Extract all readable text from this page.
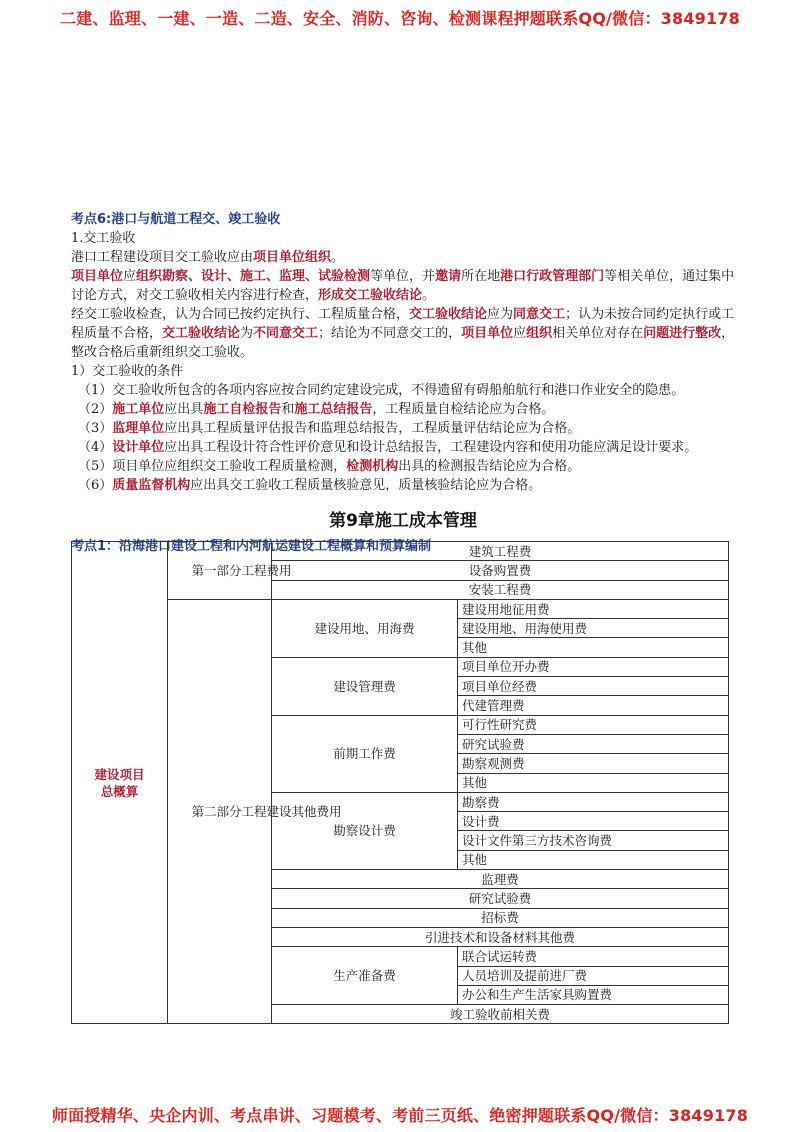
二建、监理、一建、一造、二造、安全、消防、咨询、检测课程押题联系QQ/微信：3849178

考点6:港口与航道工程交、竣工验收

1.交工验收

港口工程建设项目交工验收应由项目单位组织。

项目单位应组织勘察、设计、施工、监理、试验检测等单位，并邀请所在地港口行政管理部门等相关单位，通过集中讨论方式，对交工验收相关内容进行检查，形成交工验收结论。

经交工验收检查，认为合同已按约定执行、工程质量合格，交工验收结论应为同意交工；认为未按合同约定执行或工程质量不合格，交工验收结论为不同意交工；结论为不同意交工的，项目单位应组织相关单位对存在问题进行整改，整改合格后重新组织交工验收。

1）交工验收的条件

（1）交工验收所包含的各项内容应按合同约定建设完成，不得遗留有碍船舶航行和港口作业安全的隐患。

（2）施工单位应出具施工自检报告和施工总结报告，工程质量自检结论应为合格。

（3）监理单位应出具工程质量评估报告和监理总结报告，工程质量评估结论应为合格。

（4）设计单位应出具工程设计符合性评价意见和设计总结报告，工程建设内容和使用功能应满足设计要求。

（5）项目单位应组织交工验收工程质量检测，检测机构出具的检测报告结论应为合格。

（6）质量监督机构应出具交工验收工程质量核验意见，质量核验结论应为合格。

第9章施工成本管理

考点1：沿海港口建设工程和内河航运建设工程概算和预算编制

建设项目总概算	第一部分工程费用	建筑工程费	
		设备购置费	
		安装工程费	
	第二部分工程建设其他费用	建设用地、用海费	建设用地征用费
			建设用地、用海使用费
			其他
		建设管理费	项目单位开办费
			项目单位经费
			代建管理费
		前期工作费	可行性研究费
			研究试验费
			勘察观测费
			其他
		勘察设计费	勘察费
			设计费
			设计文件第三方技术咨询费
			其他
		监理费	
		研究试验费	
		招标费	
		引进技术和设备材料其他费	
		生产准备费	联合试运转费
			人员培训及提前进厂费
			办公和生产生活家具购置费
		竣工验收前相关费	
师面授精华、央企内训、考点串讲、习题模考、考前三页纸、绝密押题联系QQ/微信：3849178
